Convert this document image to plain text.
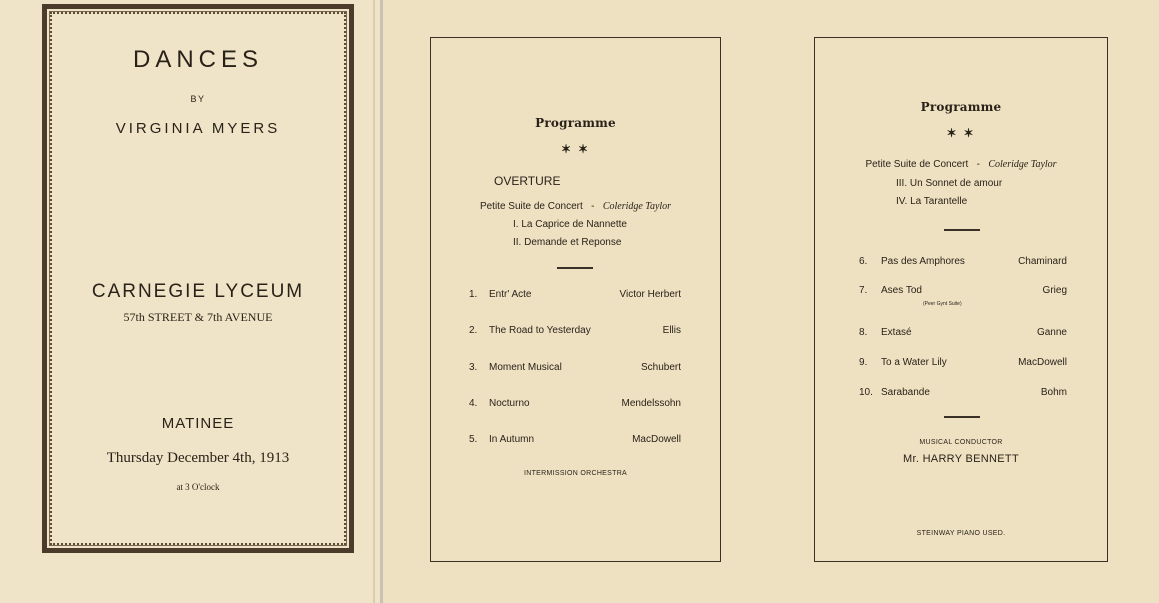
DANCES
BY
VIRGINIA MYERS
CARNEGIE LYCEUM
57th STREET & 7th AVENUE
MATINEE
Thursday December 4th, 1913
at 3 O'clock
Programme
✶ ✶
OVERTURE
Petite Suite de Concert - Coleridge Taylor
I. La Caprice de Nannette
II. Demande et Reponse
1. Entr' Acte	Victor Herbert
2. The Road to Yesterday	Ellis
3. Moment Musical	Schubert
4. Nocturno	Mendelssohn
5. In Autumn	MacDowell
INTERMISSION ORCHESTRA
Programme
✶ ✶
Petite Suite de Concert - Coleridge Taylor
III. Un Sonnet de amour
IV. La Tarantelle
6. Pas des Amphores	Chaminard
7. Ases Tod	Grieg
(Peer Gynt Suite)
8. Extasé	Ganne
9. To a Water Lily	MacDowell
10. Sarabande	Bohm
MUSICAL CONDUCTOR
Mr. HARRY BENNETT
STEINWAY PIANO USED.
